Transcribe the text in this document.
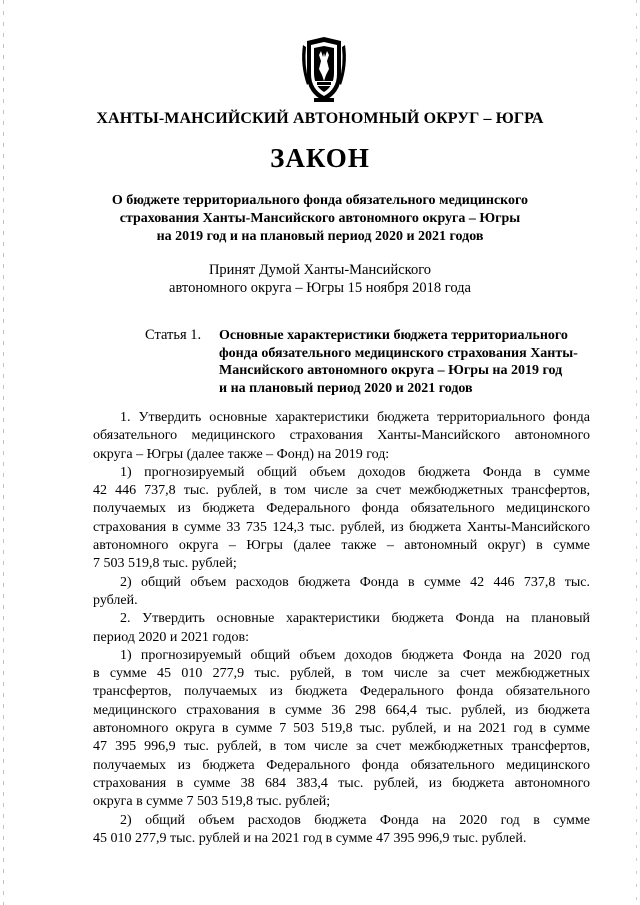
ХАНТЫ-МАНСИЙСКИЙ АВТОНОМНЫЙ ОКРУГ – ЮГРА
ЗАКОН
О бюджете территориального фонда обязательного медицинского
страхования Ханты-Мансийского автономного округа – Югры
на 2019 год и на плановый период 2020 и 2021 годов
Принят Думой Ханты-Мансийского
автономного округа – Югры 15 ноября 2018 года
Статья 1. Основные характеристики бюджета территориального
фонда обязательного медицинского страхования Ханты-
Мансийского автономного округа – Югры на 2019 год
и на плановый период 2020 и 2021 годов
1. Утвердить основные характеристики бюджета территориального фонда
обязательного медицинского страхования Ханты-Мансийского автономного
округа – Югры (далее также – Фонд) на 2019 год:
1) прогнозируемый общий объем доходов бюджета Фонда в сумме
42 446 737,8 тыс. рублей, в том числе за счет межбюджетных трансфертов,
получаемых из бюджета Федерального фонда обязательного медицинского
страхования в сумме 33 735 124,3 тыс. рублей, из бюджета Ханты-Мансийского
автономного округа – Югры (далее также – автономный округ) в сумме
7 503 519,8 тыс. рублей;
2) общий объем расходов бюджета Фонда в сумме 42 446 737,8 тыс.
рублей.
2. Утвердить основные характеристики бюджета Фонда на плановый
период 2020 и 2021 годов:
1) прогнозируемый общий объем доходов бюджета Фонда на 2020 год
в сумме 45 010 277,9 тыс. рублей, в том числе за счет межбюджетных
трансфертов, получаемых из бюджета Федерального фонда обязательного
медицинского страхования в сумме 36 298 664,4 тыс. рублей, из бюджета
автономного округа в сумме 7 503 519,8 тыс. рублей, и на 2021 год в сумме
47 395 996,9 тыс. рублей, в том числе за счет межбюджетных трансфертов,
получаемых из бюджета Федерального фонда обязательного медицинского
страхования в сумме 38 684 383,4 тыс. рублей, из бюджета автономного
округа в сумме 7 503 519,8 тыс. рублей;
2) общий объем расходов бюджета Фонда на 2020 год в сумме
45 010 277,9 тыс. рублей и на 2021 год в сумме 47 395 996,9 тыс. рублей.
